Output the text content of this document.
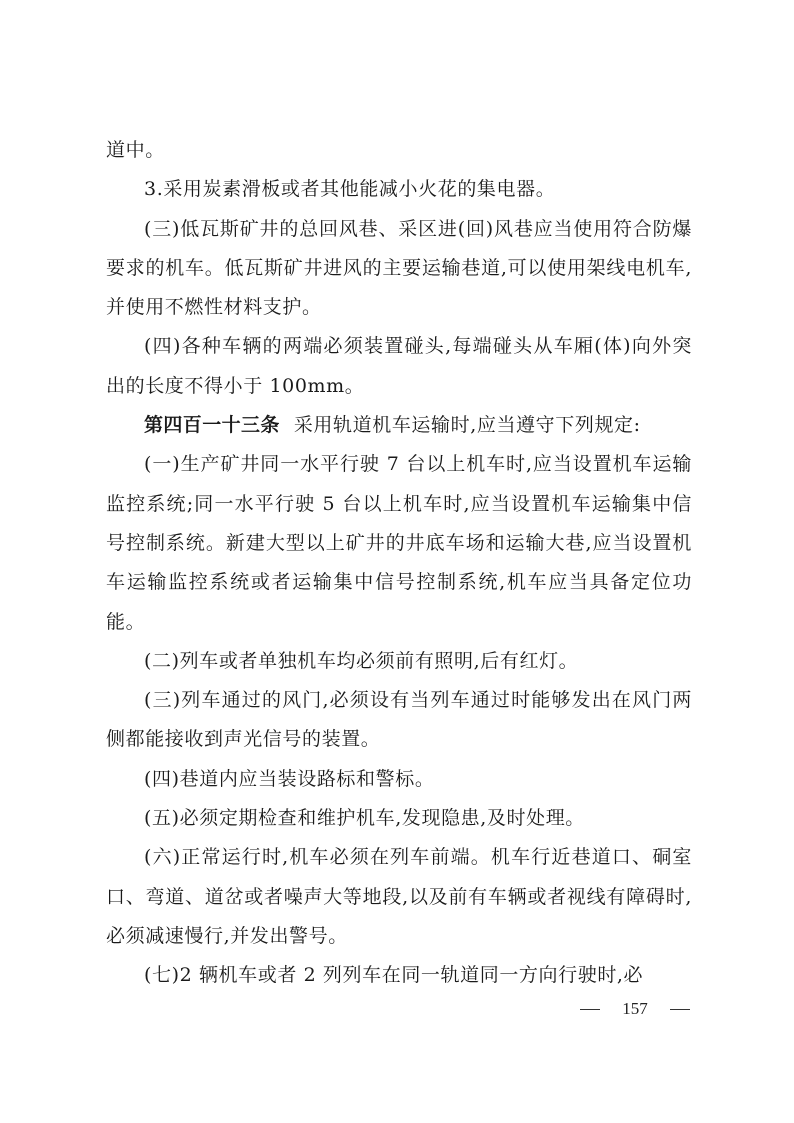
道中。

3.采用炭素滑板或者其他能减小火花的集电器。

(三)低瓦斯矿井的总回风巷、采区进(回)风巷应当使用符合防爆要求的机车。低瓦斯矿井进风的主要运输巷道,可以使用架线电机车,并使用不燃性材料支护。

(四)各种车辆的两端必须装置碰头,每端碰头从车厢(体)向外突出的长度不得小于 100mm。

第四百一十三条 采用轨道机车运输时,应当遵守下列规定:

(一)生产矿井同一水平行驶 7 台以上机车时,应当设置机车运输监控系统;同一水平行驶 5 台以上机车时,应当设置机车运输集中信号控制系统。新建大型以上矿井的井底车场和运输大巷,应当设置机车运输监控系统或者运输集中信号控制系统,机车应当具备定位功能。

(二)列车或者单独机车均必须前有照明,后有红灯。

(三)列车通过的风门,必须设有当列车通过时能够发出在风门两侧都能接收到声光信号的装置。

(四)巷道内应当装设路标和警标。

(五)必须定期检查和维护机车,发现隐患,及时处理。

(六)正常运行时,机车必须在列车前端。机车行近巷道口、硐室口、弯道、道岔或者噪声大等地段,以及前有车辆或者视线有障碍时,必须减速慢行,并发出警号。

(七)2 辆机车或者 2 列列车在同一轨道同一方向行驶时,必

157
